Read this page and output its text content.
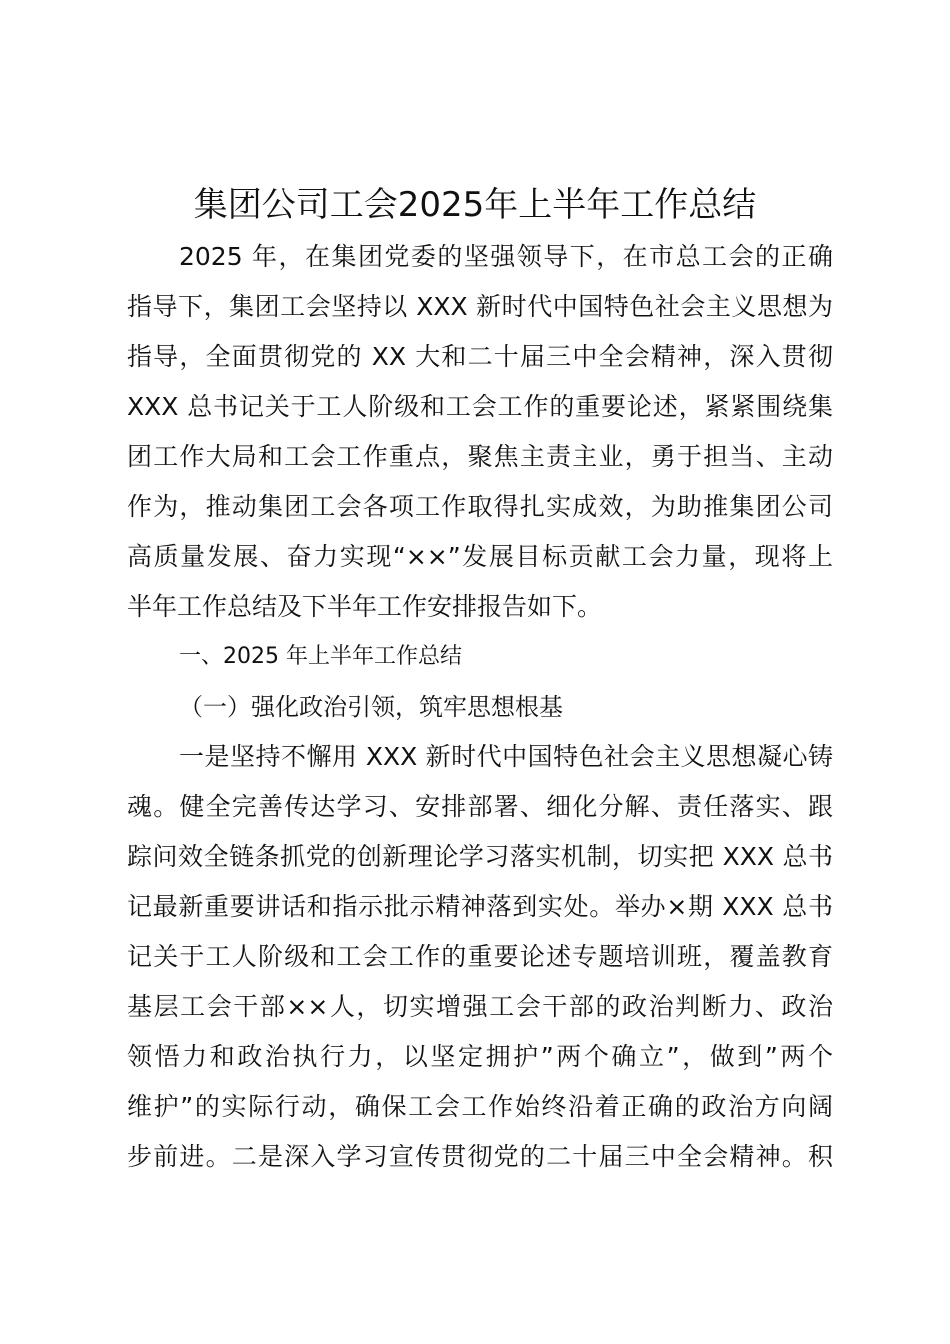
集团公司工会2025年上半年工作总结
2025 年，在集团党委的坚强领导下，在市总工会的正确
指导下，集团工会坚持以 XXX 新时代中国特色社会主义思想为
指导，全面贯彻党的 XX 大和二十届三中全会精神，深入贯彻
XXX 总书记关于工人阶级和工会工作的重要论述，紧紧围绕集
团工作大局和工会工作重点，聚焦主责主业，勇于担当、主动
作为，推动集团工会各项工作取得扎实成效，为助推集团公司
高质量发展、奋力实现“××”发展目标贡献工会力量，现将上
半年工作总结及下半年工作安排报告如下。
一、2025 年上半年工作总结
（一）强化政治引领，筑牢思想根基
一是坚持不懈用 XXX 新时代中国特色社会主义思想凝心铸
魂。健全完善传达学习、安排部署、细化分解、责任落实、跟
踪问效全链条抓党的创新理论学习落实机制，切实把 XXX 总书
记最新重要讲话和指示批示精神落到实处。举办×期 XXX 总书
记关于工人阶级和工会工作的重要论述专题培训班，覆盖教育
基层工会干部××人，切实增强工会干部的政治判断力、政治
领悟力和政治执行力，以坚定拥护”两个确立”，做到”两个
维护”的实际行动，确保工会工作始终沿着正确的政治方向阔
步前进。二是深入学习宣传贯彻党的二十届三中全会精神。积
